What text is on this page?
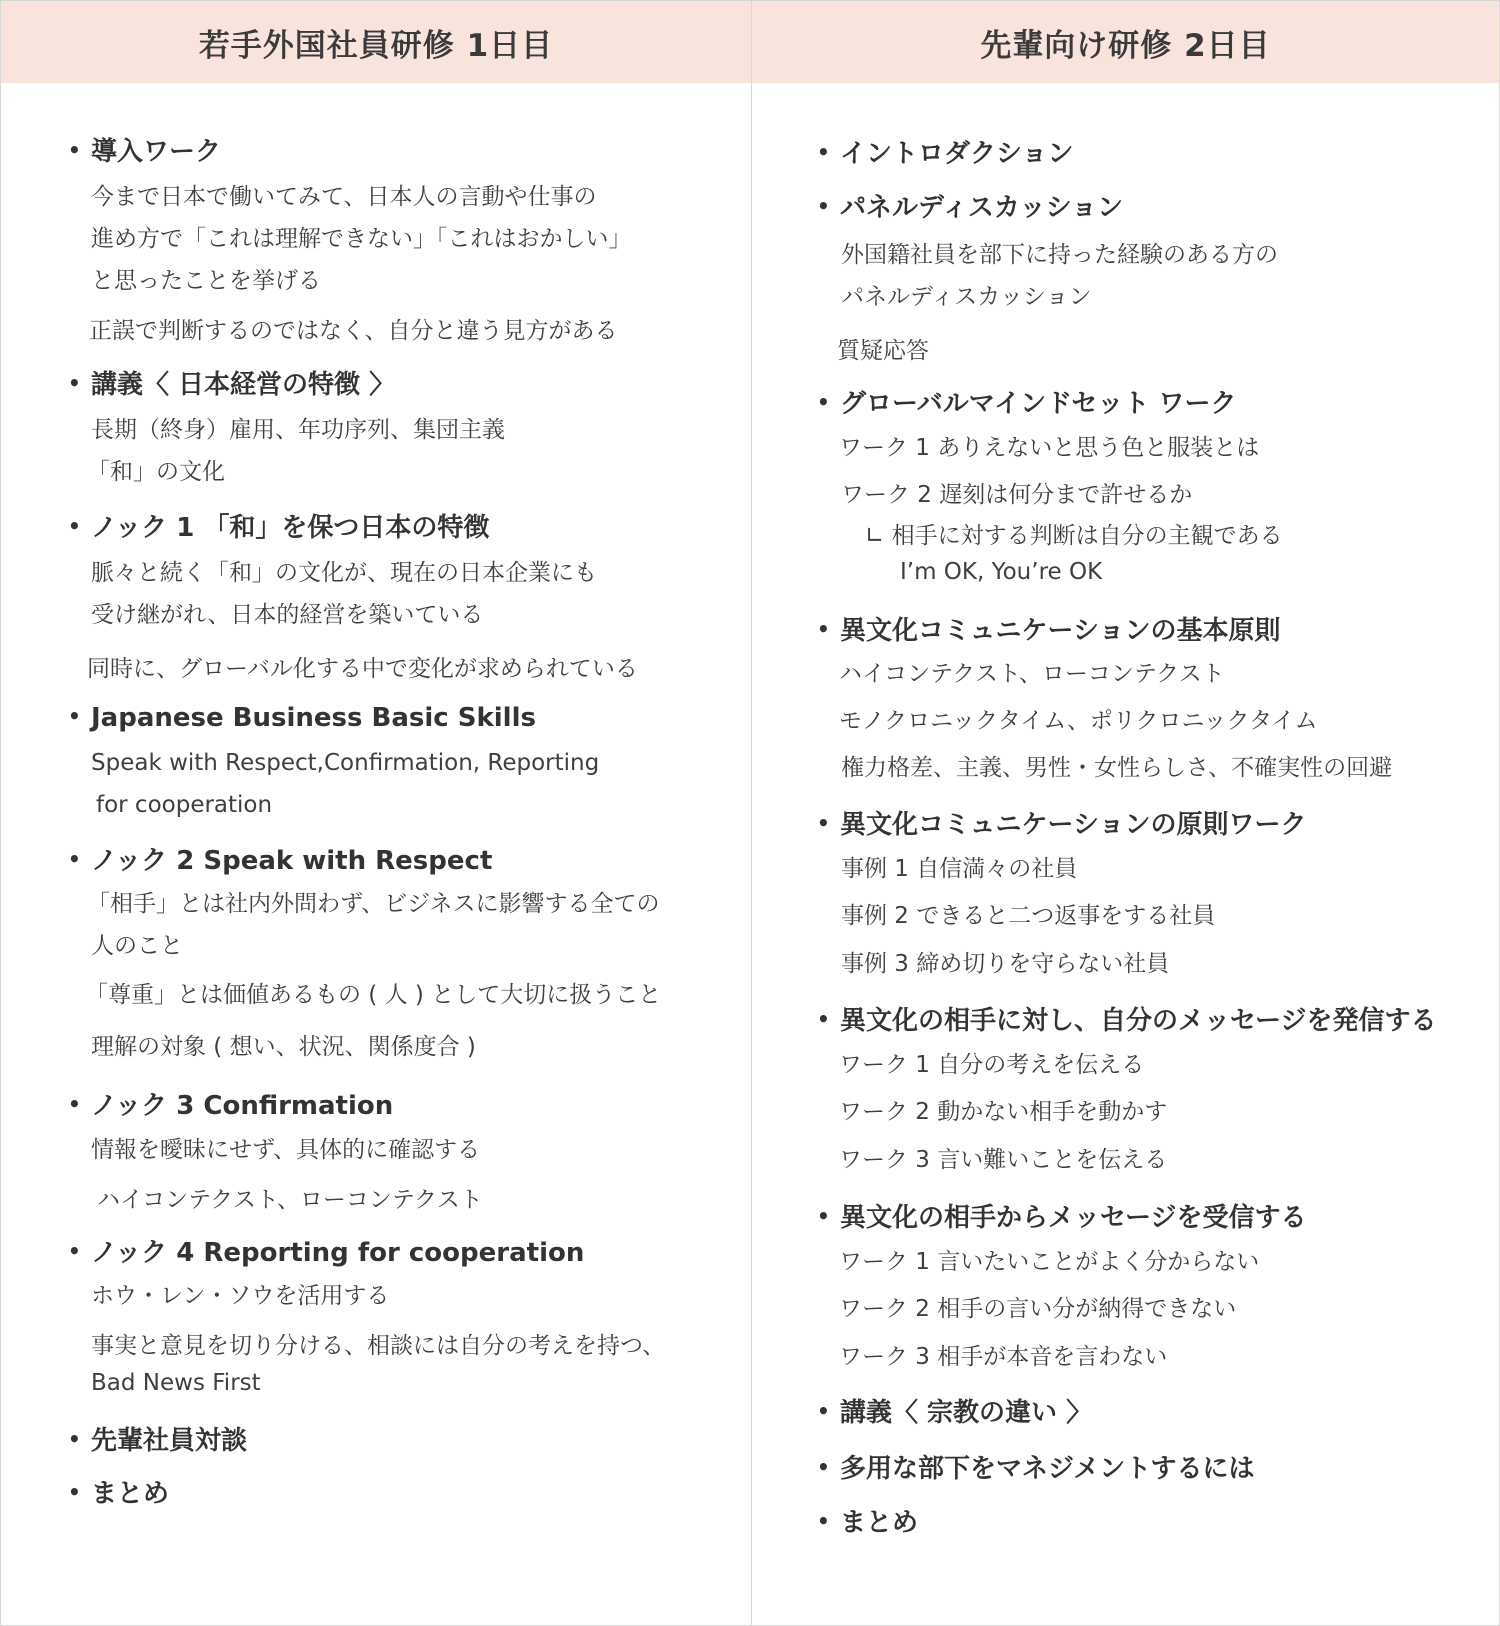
若手外国社員研修 1日目
• 導入ワーク
今まで日本で働いてみて、日本人の言動や仕事の
進め方で「これは理解できない」「これはおかしい」
と思ったことを挙げる
正誤で判断するのではなく、自分と違う見方がある
• 講義〈 日本経営の特徴 〉
長期（終身）雇用、年功序列、集団主義
「和」の文化
• ノック 1 「和」を保つ日本の特徴
脈々と続く「和」の文化が、現在の日本企業にも
受け継がれ、日本的経営を築いている
同時に、グローバル化する中で変化が求められている
• Japanese Business Basic Skills
Speak with Respect,Confirmation, Reporting
for cooperation
• ノック 2 Speak with Respect
「相手」とは社内外問わず、ビジネスに影響する全ての
人のこと
「尊重」とは価値あるもの ( 人 ) として大切に扱うこと
理解の対象 ( 想い、状況、関係度合 )
• ノック 3 Confirmation
情報を曖昧にせず、具体的に確認する
ハイコンテクスト、ローコンテクスト
• ノック 4 Reporting for cooperation
ホウ・レン・ソウを活用する
事実と意見を切り分ける、相談には自分の考えを持つ、
Bad News First
• 先輩社員対談
• まとめ
先輩向け研修 2日目
• イントロダクション
• パネルディスカッション
外国籍社員を部下に持った経験のある方の
パネルディスカッション
質疑応答
• グローバルマインドセット ワーク
ワーク 1 ありえないと思う色と服装とは
ワーク 2 遅刻は何分まで許せるか
∟ 相手に対する判断は自分の主観である
I’m OK, You’re OK
• 異文化コミュニケーションの基本原則
ハイコンテクスト、ローコンテクスト
モノクロニックタイム、ポリクロニックタイム
権力格差、主義、男性・女性らしさ、不確実性の回避
• 異文化コミュニケーションの原則ワーク
事例 1 自信満々の社員
事例 2 できると二つ返事をする社員
事例 3 締め切りを守らない社員
• 異文化の相手に対し、自分のメッセージを発信する
ワーク 1 自分の考えを伝える
ワーク 2 動かない相手を動かす
ワーク 3 言い難いことを伝える
• 異文化の相手からメッセージを受信する
ワーク 1 言いたいことがよく分からない
ワーク 2 相手の言い分が納得できない
ワーク 3 相手が本音を言わない
• 講義〈 宗教の違い 〉
• 多用な部下をマネジメントするには
• まとめ
